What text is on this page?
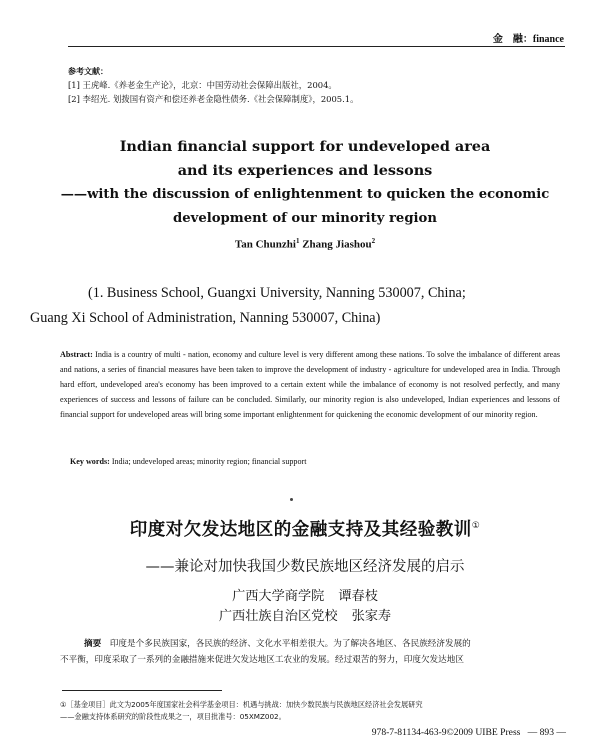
金　融：finance
参考文献：
[1] 王虎峰.《养老金生产论》，北京：中国劳动社会保障出版社，2004。
[2] 李绍光. 划拨国有资产和偿还养老金隐性债务.《社会保障制度》，2005.1。
Indian financial support for undeveloped area
and its experiences and lessons
——with the discussion of enlightenment to quicken the economic
development of our minority region
Tan Chunzhi$^1$ Zhang Jiashou$^2$
(1. Business School, Guangxi University, Nanning 530007, China;
Guang Xi School of Administration, Nanning 530007, China)
Abstract: India is a country of multi - nation, economy and culture level is very different among these nations. To solve the imbalance of different areas and nations, a series of financial measures have been taken to improve the development of industry - agriculture for undeveloped area in India. Through hard effort, undeveloped area's economy has been improved to a certain extent while the imbalance of economy is not resolved perfectly, and many experiences of success and lessons of failure can be concluded. Similarly, our minority region is also undeveloped, Indian experiences and lessons of financial support for undeveloped areas will bring some important enlightenment for quickening the economic development of our minority region.
Key words: India; undeveloped areas; minority region; financial support
印度对欠发达地区的金融支持及其经验教训①
——兼论对加快我国少数民族地区经济发展的启示
广西大学商学院 谭春枝
广西壮族自治区党校 张家寿
摘要　 印度是个多民族国家，各民族的经济、文化水平相差很大。为了解决各地区、各民族经济发展的
不平衡，印度采取了一系列的金融措施来促进欠发达地区工农业的发展。经过艰苦的努力，印度欠发达地区
①［基金项目］此文为2005年度国家社会科学基金项目：机遇与挑战：加快少数民族与民族地区经济社会发展研究
——金融支持体系研究的阶段性成果之一，项目批准号：05XMZ002。
978-7-81134-463-9©2009 UIBE Press — 893 —
